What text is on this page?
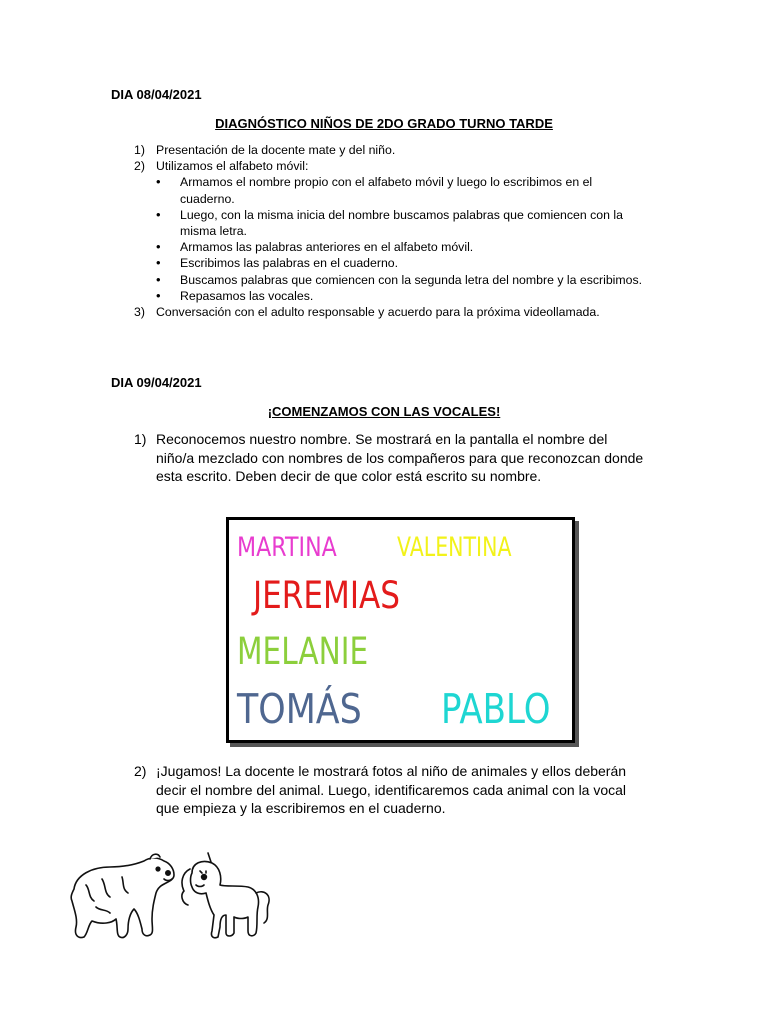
DIA 08/04/2021
DIAGNÓSTICO NIÑOS DE 2DO GRADO TURNO TARDE
1) Presentación de la docente mate y del niño.
2) Utilizamos el alfabeto móvil:
• Armamos el nombre propio con el alfabeto móvil y luego lo escribimos en el cuaderno.
• Luego, con la misma inicia del nombre buscamos palabras que comiencen con la misma letra.
• Armamos las palabras anteriores en el alfabeto móvil.
• Escribimos las palabras en el cuaderno.
• Buscamos palabras que comiencen con la segunda letra del nombre y la escribimos.
• Repasamos las vocales.
3) Conversación con el adulto responsable y acuerdo para la próxima videollamada.
DIA 09/04/2021
¡COMENZAMOS CON LAS VOCALES!
1) Reconocemos nuestro nombre. Se mostrará en la pantalla el nombre del niño/a mezclado con nombres de los compañeros para que reconozcan donde esta escrito. Deben decir de que color está escrito su nombre.
MARTINA VALENTINA
JEREMIAS
MELANIE
TOMÁS PABLO
2) ¡Jugamos! La docente le mostrará fotos al niño de animales y ellos deberán decir el nombre del animal. Luego, identificaremos cada animal con la vocal que empieza y la escribiremos en el cuaderno.
